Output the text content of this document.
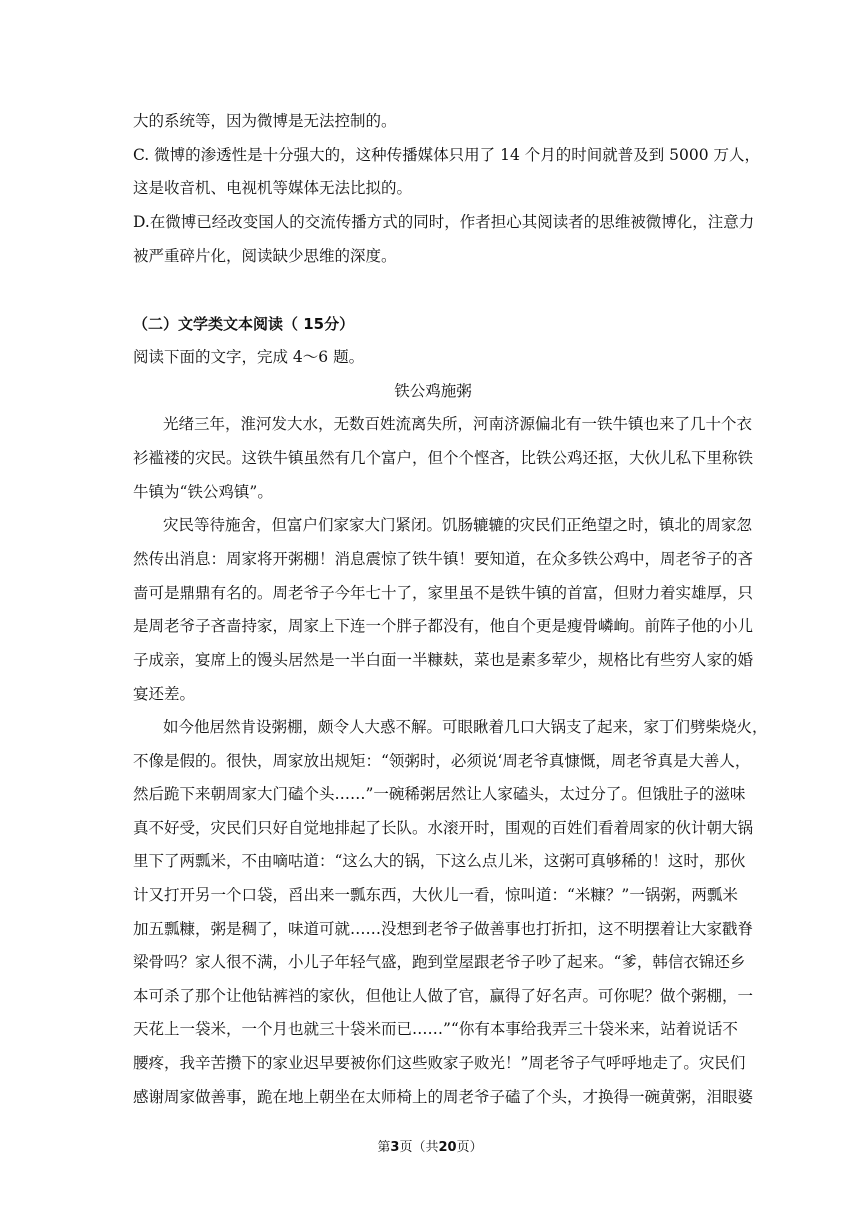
大的系统等，因为微博是无法控制的。
C. 微博的渗透性是十分强大的，这种传播媒体只用了 14 个月的时间就普及到 5000 万人，
这是收音机、电视机等媒体无法比拟的。
D.在微博已经改变国人的交流传播方式的同时，作者担心其阅读者的思维被微博化，注意力
被严重碎片化，阅读缺少思维的深度。
（二）文学类文本阅读（ 15分）
阅读下面的文字，完成 4～6 题。
铁公鸡施粥
光绪三年，淮河发大水，无数百姓流离失所，河南济源偏北有一铁牛镇也来了几十个衣
衫褴褛的灾民。这铁牛镇虽然有几个富户，但个个悭吝，比铁公鸡还抠，大伙儿私下里称铁
牛镇为“铁公鸡镇”。
灾民等待施舍，但富户们家家大门紧闭。饥肠辘辘的灾民们正绝望之时，镇北的周家忽
然传出消息：周家将开粥棚！消息震惊了铁牛镇！要知道，在众多铁公鸡中，周老爷子的吝
啬可是鼎鼎有名的。周老爷子今年七十了，家里虽不是铁牛镇的首富，但财力着实雄厚，只
是周老爷子吝啬持家，周家上下连一个胖子都没有，他自个更是瘦骨嶙峋。前阵子他的小儿
子成亲，宴席上的馒头居然是一半白面一半糠麸，菜也是素多荤少，规格比有些穷人家的婚
宴还差。
如今他居然肯设粥棚，颇令人大惑不解。可眼瞅着几口大锅支了起来，家丁们劈柴烧火，
不像是假的。很快，周家放出规矩：“领粥时，必须说‘周老爷真慷慨，周老爷真是大善人，
然后跪下来朝周家大门磕个头……”一碗稀粥居然让人家磕头，太过分了。但饿肚子的滋味
真不好受，灾民们只好自觉地排起了长队。水滚开时，围观的百姓们看着周家的伙计朝大锅
里下了两瓢米，不由嘀咕道：“这么大的锅，下这么点儿米，这粥可真够稀的！这时，那伙
计又打开另一个口袋，舀出来一瓢东西，大伙儿一看，惊叫道：“米糠？”一锅粥，两瓢米
加五瓢糠，粥是稠了，味道可就……没想到老爷子做善事也打折扣，这不明摆着让大家戳脊
梁骨吗？家人很不满，小儿子年轻气盛，跑到堂屋跟老爷子吵了起来。“爹，韩信衣锦还乡
本可杀了那个让他钻裤裆的家伙，但他让人做了官，赢得了好名声。可你呢？做个粥棚，一
天花上一袋米，一个月也就三十袋米而已……”“你有本事给我弄三十袋米来，站着说话不
腰疼，我辛苦攒下的家业迟早要被你们这些败家子败光！”周老爷子气呼呼地走了。灾民们
感谢周家做善事，跪在地上朝坐在太师椅上的周老爷子磕了个头，才换得一碗黄粥，泪眼婆
第3页（共20页）
